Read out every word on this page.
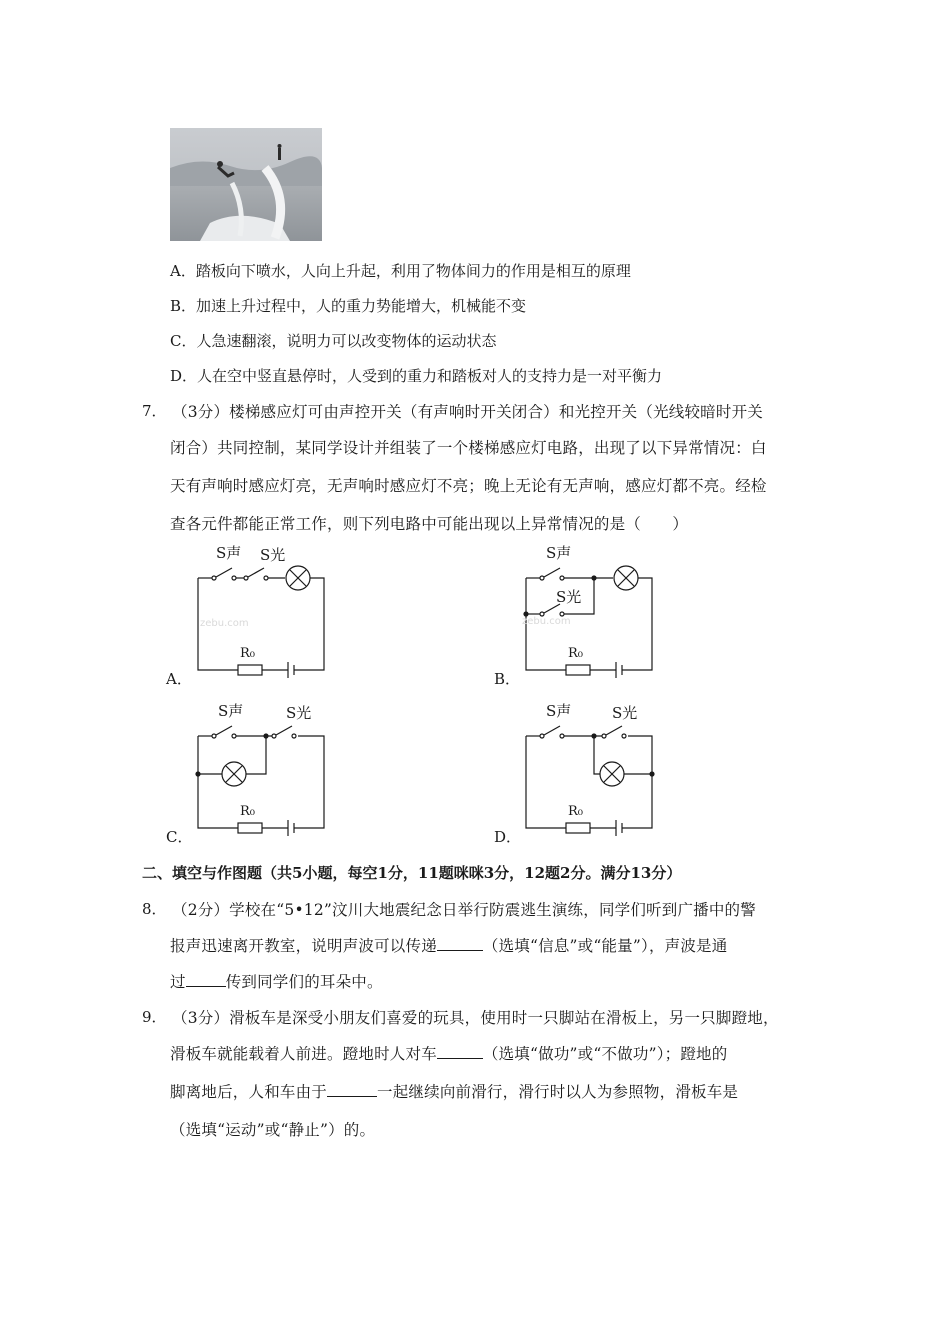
A．踏板向下喷水，人向上升起，利用了物体间力的作用是相互的原理
B．加速上升过程中，人的重力势能增大，机械能不变
C．人急速翻滚，说明力可以改变物体的运动状态
D．人在空中竖直悬停时，人受到的重力和踏板对人的支持力是一对平衡力
7． （3分）楼梯感应灯可由声控开关（有声响时开关闭合）和光控开关（光线较暗时开关
闭合）共同控制，某同学设计并组装了一个楼梯感应灯电路，出现了以下异常情况：白
天有声响时感应灯亮，无声响时感应灯不亮；晚上无论有无声响，感应灯都不亮。经检
查各元件都能正常工作，则下列电路中可能出现以上异常情况的是（　　）
A．
zebu.com
S声 S光
R₀
B．
zebu.com
S声
S光
R₀
C．
S声	S光
R₀
D．
S声	S光
R₀
二、填空与作图题（共5小题，每空1分，11题咪咪3分，12题2分。满分13分）
8． （2分）学校在“5•12”汶川大地震纪念日举行防震逃生演练，同学们听到广播中的警
报声迅速离开教室，说明声波可以传递	（选填“信息”或“能量”），声波是通
过	传到同学们的耳朵中。
9． （3分）滑板车是深受小朋友们喜爱的玩具，使用时一只脚站在滑板上，另一只脚蹬地，
滑板车就能载着人前进。蹬地时人对车	（选填“做功”或“不做功”）；蹬地的
脚离地后，人和车由于	一起继续向前滑行，滑行时以人为参照物，滑板车是
（选填“运动”或“静止”）的。
